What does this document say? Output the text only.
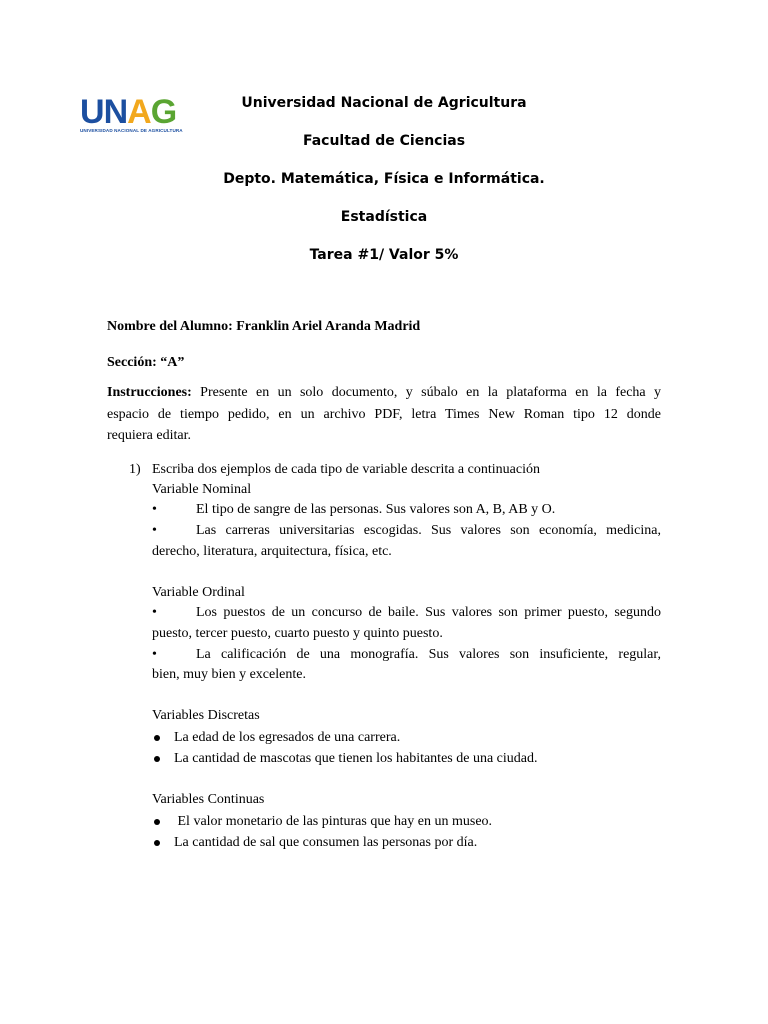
UNAG
UNIVERSIDAD NACIONAL DE AGRICULTURA
Universidad Nacional de Agricultura
Facultad de Ciencias
Depto. Matemática, Física e Informática.
Estadística
Tarea #1/ Valor 5%
Nombre del Alumno: Franklin Ariel Aranda Madrid
Sección: “A”
Instrucciones: Presente en un solo documento, y súbalo en la plataforma en la fecha y
espacio de tiempo pedido, en un archivo PDF, letra Times New Roman tipo 12 donde
requiera editar.
1) Escriba dos ejemplos de cada tipo de variable descrita a continuación
Variable Nominal
•	El tipo de sangre de las personas. Sus valores son A, B, AB y O.
•	Las carreras universitarias escogidas. Sus valores son economía, medicina,
derecho, literatura, arquitectura, física, etc.
Variable Ordinal
•	Los puestos de un concurso de baile. Sus valores son primer puesto, segundo
puesto, tercer puesto, cuarto puesto y quinto puesto.
•	La calificación de una monografía. Sus valores son insuficiente, regular,
bien, muy bien y excelente.
Variables Discretas
La edad de los egresados de una carrera.
La cantidad de mascotas que tienen los habitantes de una ciudad.
Variables Continuas
El valor monetario de las pinturas que hay en un museo.
La cantidad de sal que consumen las personas por día.
